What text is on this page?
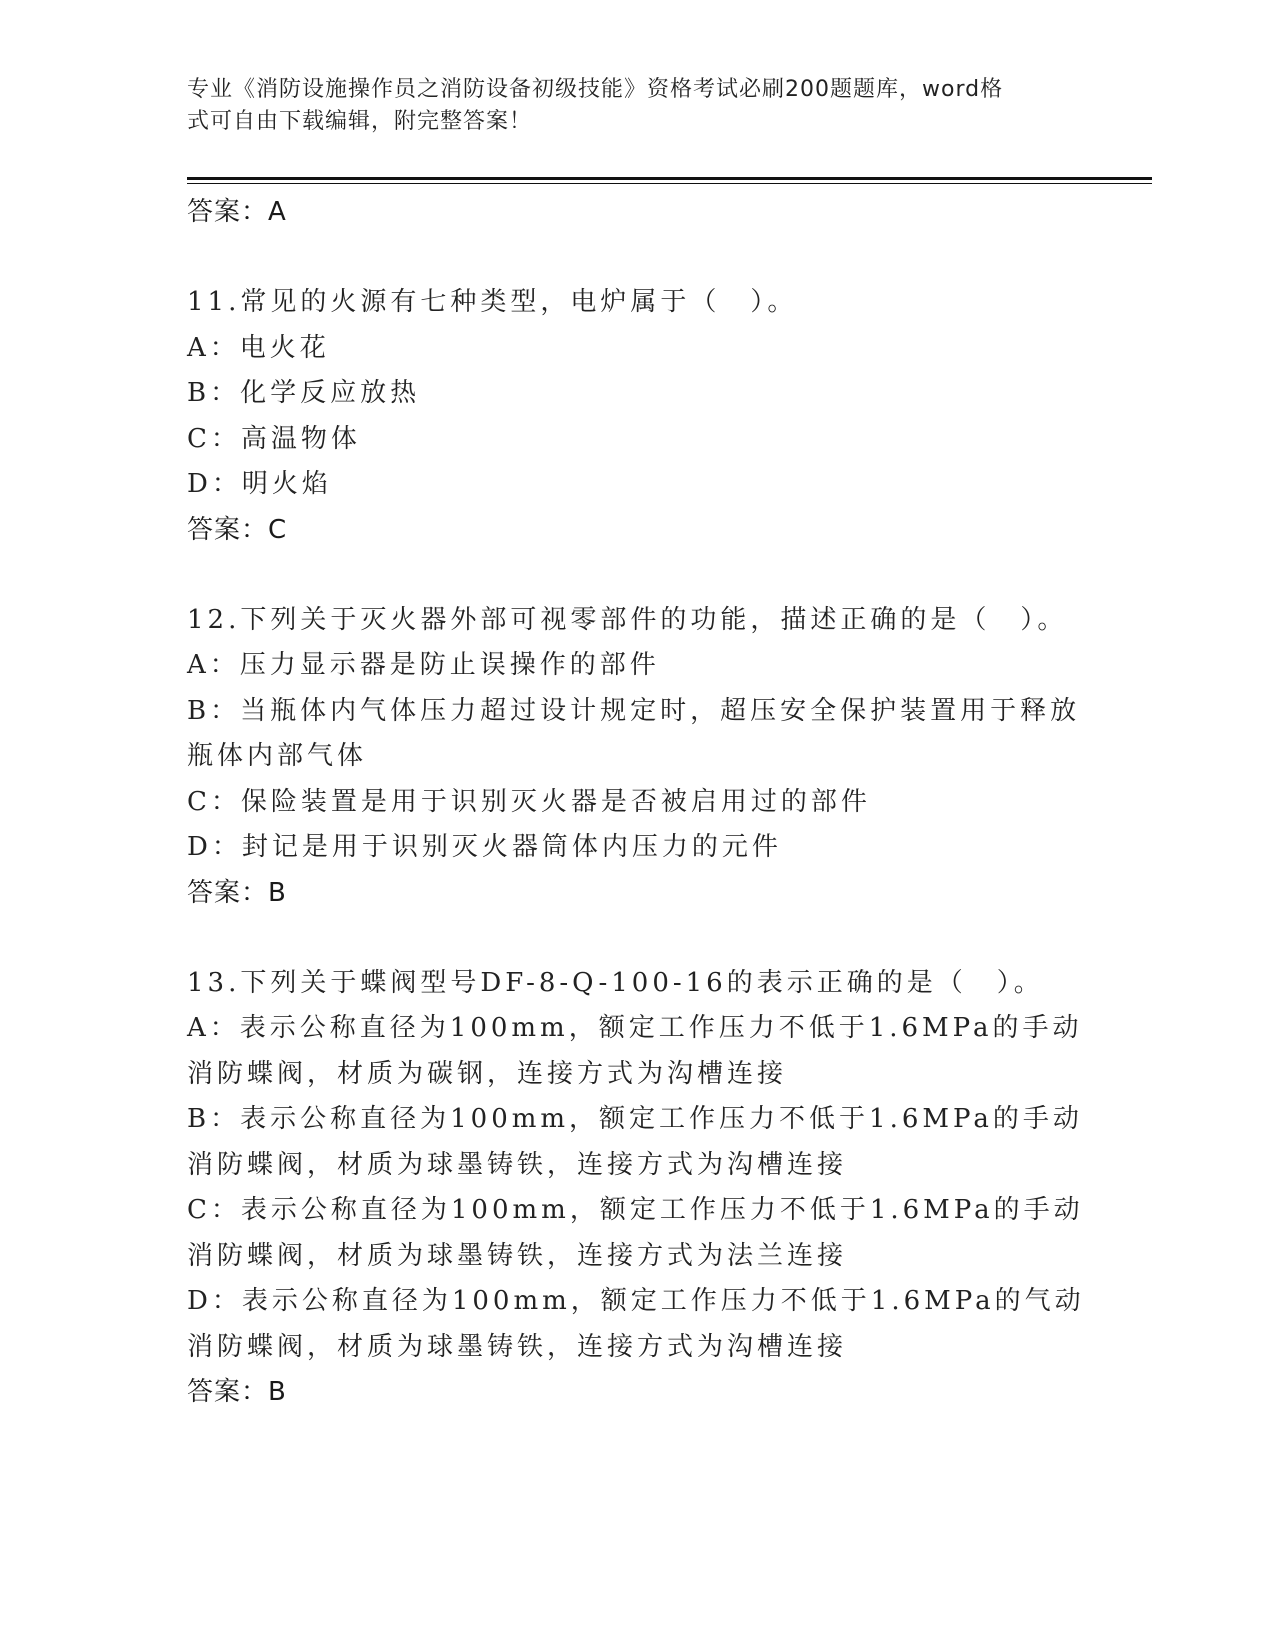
专业《消防设施操作员之消防设备初级技能》资格考试必刷200题题库，word格

式可自由下载编辑，附完整答案！

答案：A

11.常见的火源有七种类型，电炉属于（　）。

A：电火花

B：化学反应放热

C：高温物体

D：明火焰

答案：C

12.下列关于灭火器外部可视零部件的功能，描述正确的是（　）。

A：压力显示器是防止误操作的部件

B：当瓶体内气体压力超过设计规定时，超压安全保护装置用于释放瓶体内部气体

C：保险装置是用于识别灭火器是否被启用过的部件

D：封记是用于识别灭火器筒体内压力的元件

答案：B

13.下列关于蝶阀型号DF-8-Q-100-16的表示正确的是（　）。

A：表示公称直径为100mm，额定工作压力不低于1.6MPa的手动消防蝶阀，材质为碳钢，连接方式为沟槽连接

B：表示公称直径为100mm，额定工作压力不低于1.6MPa的手动消防蝶阀，材质为球墨铸铁，连接方式为沟槽连接

C：表示公称直径为100mm，额定工作压力不低于1.6MPa的手动消防蝶阀，材质为球墨铸铁，连接方式为法兰连接

D：表示公称直径为100mm，额定工作压力不低于1.6MPa的气动消防蝶阀，材质为球墨铸铁，连接方式为沟槽连接

答案：B
